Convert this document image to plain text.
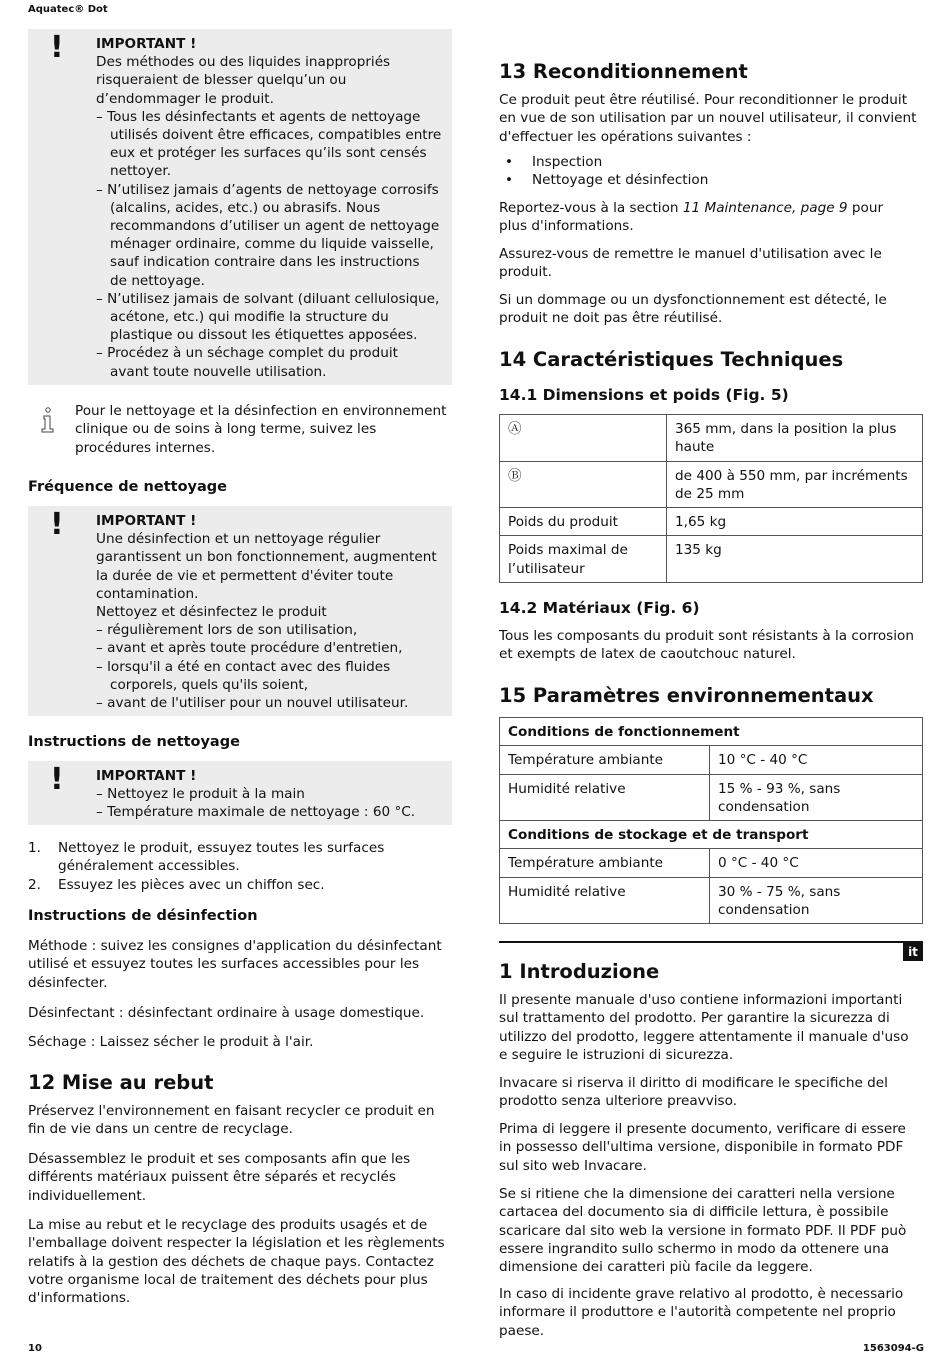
Aquatec® Dot
! IMPORTANT !
Des méthodes ou des liquides inappropriés
risqueraient de blesser quelqu’un ou
d’endommager le produit.
– Tous les désinfectants et agents de nettoyage
utilisés doivent être efficaces, compatibles entre
eux et protéger les surfaces qu’ils sont censés
nettoyer.
– N’utilisez jamais d’agents de nettoyage corrosifs
(alcalins, acides, etc.) ou abrasifs. Nous
recommandons d’utiliser un agent de nettoyage
ménager ordinaire, comme du liquide vaisselle,
sauf indication contraire dans les instructions
de nettoyage.
– N’utilisez jamais de solvant (diluant cellulosique,
acétone, etc.) qui modifie la structure du
plastique ou dissout les étiquettes apposées.
– Procédez à un séchage complet du produit
avant toute nouvelle utilisation.

Pour le nettoyage et la désinfection en environnement

clinique ou de soins à long terme, suivez les

procédures internes.

Fréquence de nettoyage
! IMPORTANT !
Une désinfection et un nettoyage régulier
garantissent un bon fonctionnement, augmentent
la durée de vie et permettent d'éviter toute
contamination.
Nettoyez et désinfectez le produit
– régulièrement lors de son utilisation,
– avant et après toute procédure d'entretien,
– lorsqu'il a été en contact avec des fluides
corporels, quels qu'ils soient,
– avant de l'utiliser pour un nouvel utilisateur.
Instructions de nettoyage
! IMPORTANT !
– Nettoyez le produit à la main
– Température maximale de nettoyage : 60 °C.
1. Nettoyez le produit, essuyez toutes les surfaces
généralement accessibles.
2. Essuyez les pièces avec un chiffon sec.
Instructions de désinfection

Méthode : suivez les consignes d'application du désinfectant

utilisé et essuyez toutes les surfaces accessibles pour les

désinfecter.

Désinfectant : désinfectant ordinaire à usage domestique.

Séchage : Laissez sécher le produit à l'air.

12 Mise au rebut

Préservez l'environnement en faisant recycler ce produit en

fin de vie dans un centre de recyclage.

Désassemblez le produit et ses composants afin que les

différents matériaux puissent être séparés et recyclés

individuellement.

La mise au rebut et le recyclage des produits usagés et de

l'emballage doivent respecter la législation et les règlements

relatifs à la gestion des déchets de chaque pays. Contactez

votre organisme local de traitement des déchets pour plus

d'informations.

13 Reconditionnement

Ce produit peut être réutilisé. Pour reconditionner le produit

en vue de son utilisation par un nouvel utilisateur, il convient

d'effectuer les opérations suivantes :

• Inspection
• Nettoyage et désinfection

Reportez-vous à la section 11 Maintenance, page 9 pour

plus d'informations.

Assurez-vous de remettre le manuel d'utilisation avec le

produit.

Si un dommage ou un dysfonctionnement est détecté, le

produit ne doit pas être réutilisé.

14 Caractéristiques Techniques
14.1 Dimensions et poids (Fig. 5)
Ⓐ	365 mm, dans la position la plus
haute

Ⓑ	de 400 à 550 mm, par incréments
de 25 mm

Poids du produit	1,65 kg

Poids maximal de
l’utilisateur	135 kg
14.2 Matériaux (Fig. 6)

Tous les composants du produit sont résistants à la corrosion

et exempts de latex de caoutchouc naturel.

15 Paramètres environnementaux
Conditions de fonctionnement	
Température ambiante	10 °C - 40 °C
Humidité relative	15 % - 93 %, sans
condensation

Conditions de stockage et de transport	
Température ambiante	0 °C - 40 °C
Humidité relative	30 % - 75 %, sans
condensation
it
1 Introduzione

Il presente manuale d'uso contiene informazioni importanti

sul trattamento del prodotto. Per garantire la sicurezza di

utilizzo del prodotto, leggere attentamente il manuale d'uso

e seguire le istruzioni di sicurezza.

Invacare si riserva il diritto di modificare le specifiche del

prodotto senza ulteriore preavviso.

Prima di leggere il presente documento, verificare di essere

in possesso dell'ultima versione, disponibile in formato PDF

sul sito web Invacare.

Se si ritiene che la dimensione dei caratteri nella versione

cartacea del documento sia di difficile lettura, è possibile

scaricare dal sito web la versione in formato PDF. Il PDF può

essere ingrandito sullo schermo in modo da ottenere una

dimensione dei caratteri più facile da leggere.

In caso di incidente grave relativo al prodotto, è necessario

informare il produttore e l'autorità competente nel proprio

paese.

10	1563094-G
